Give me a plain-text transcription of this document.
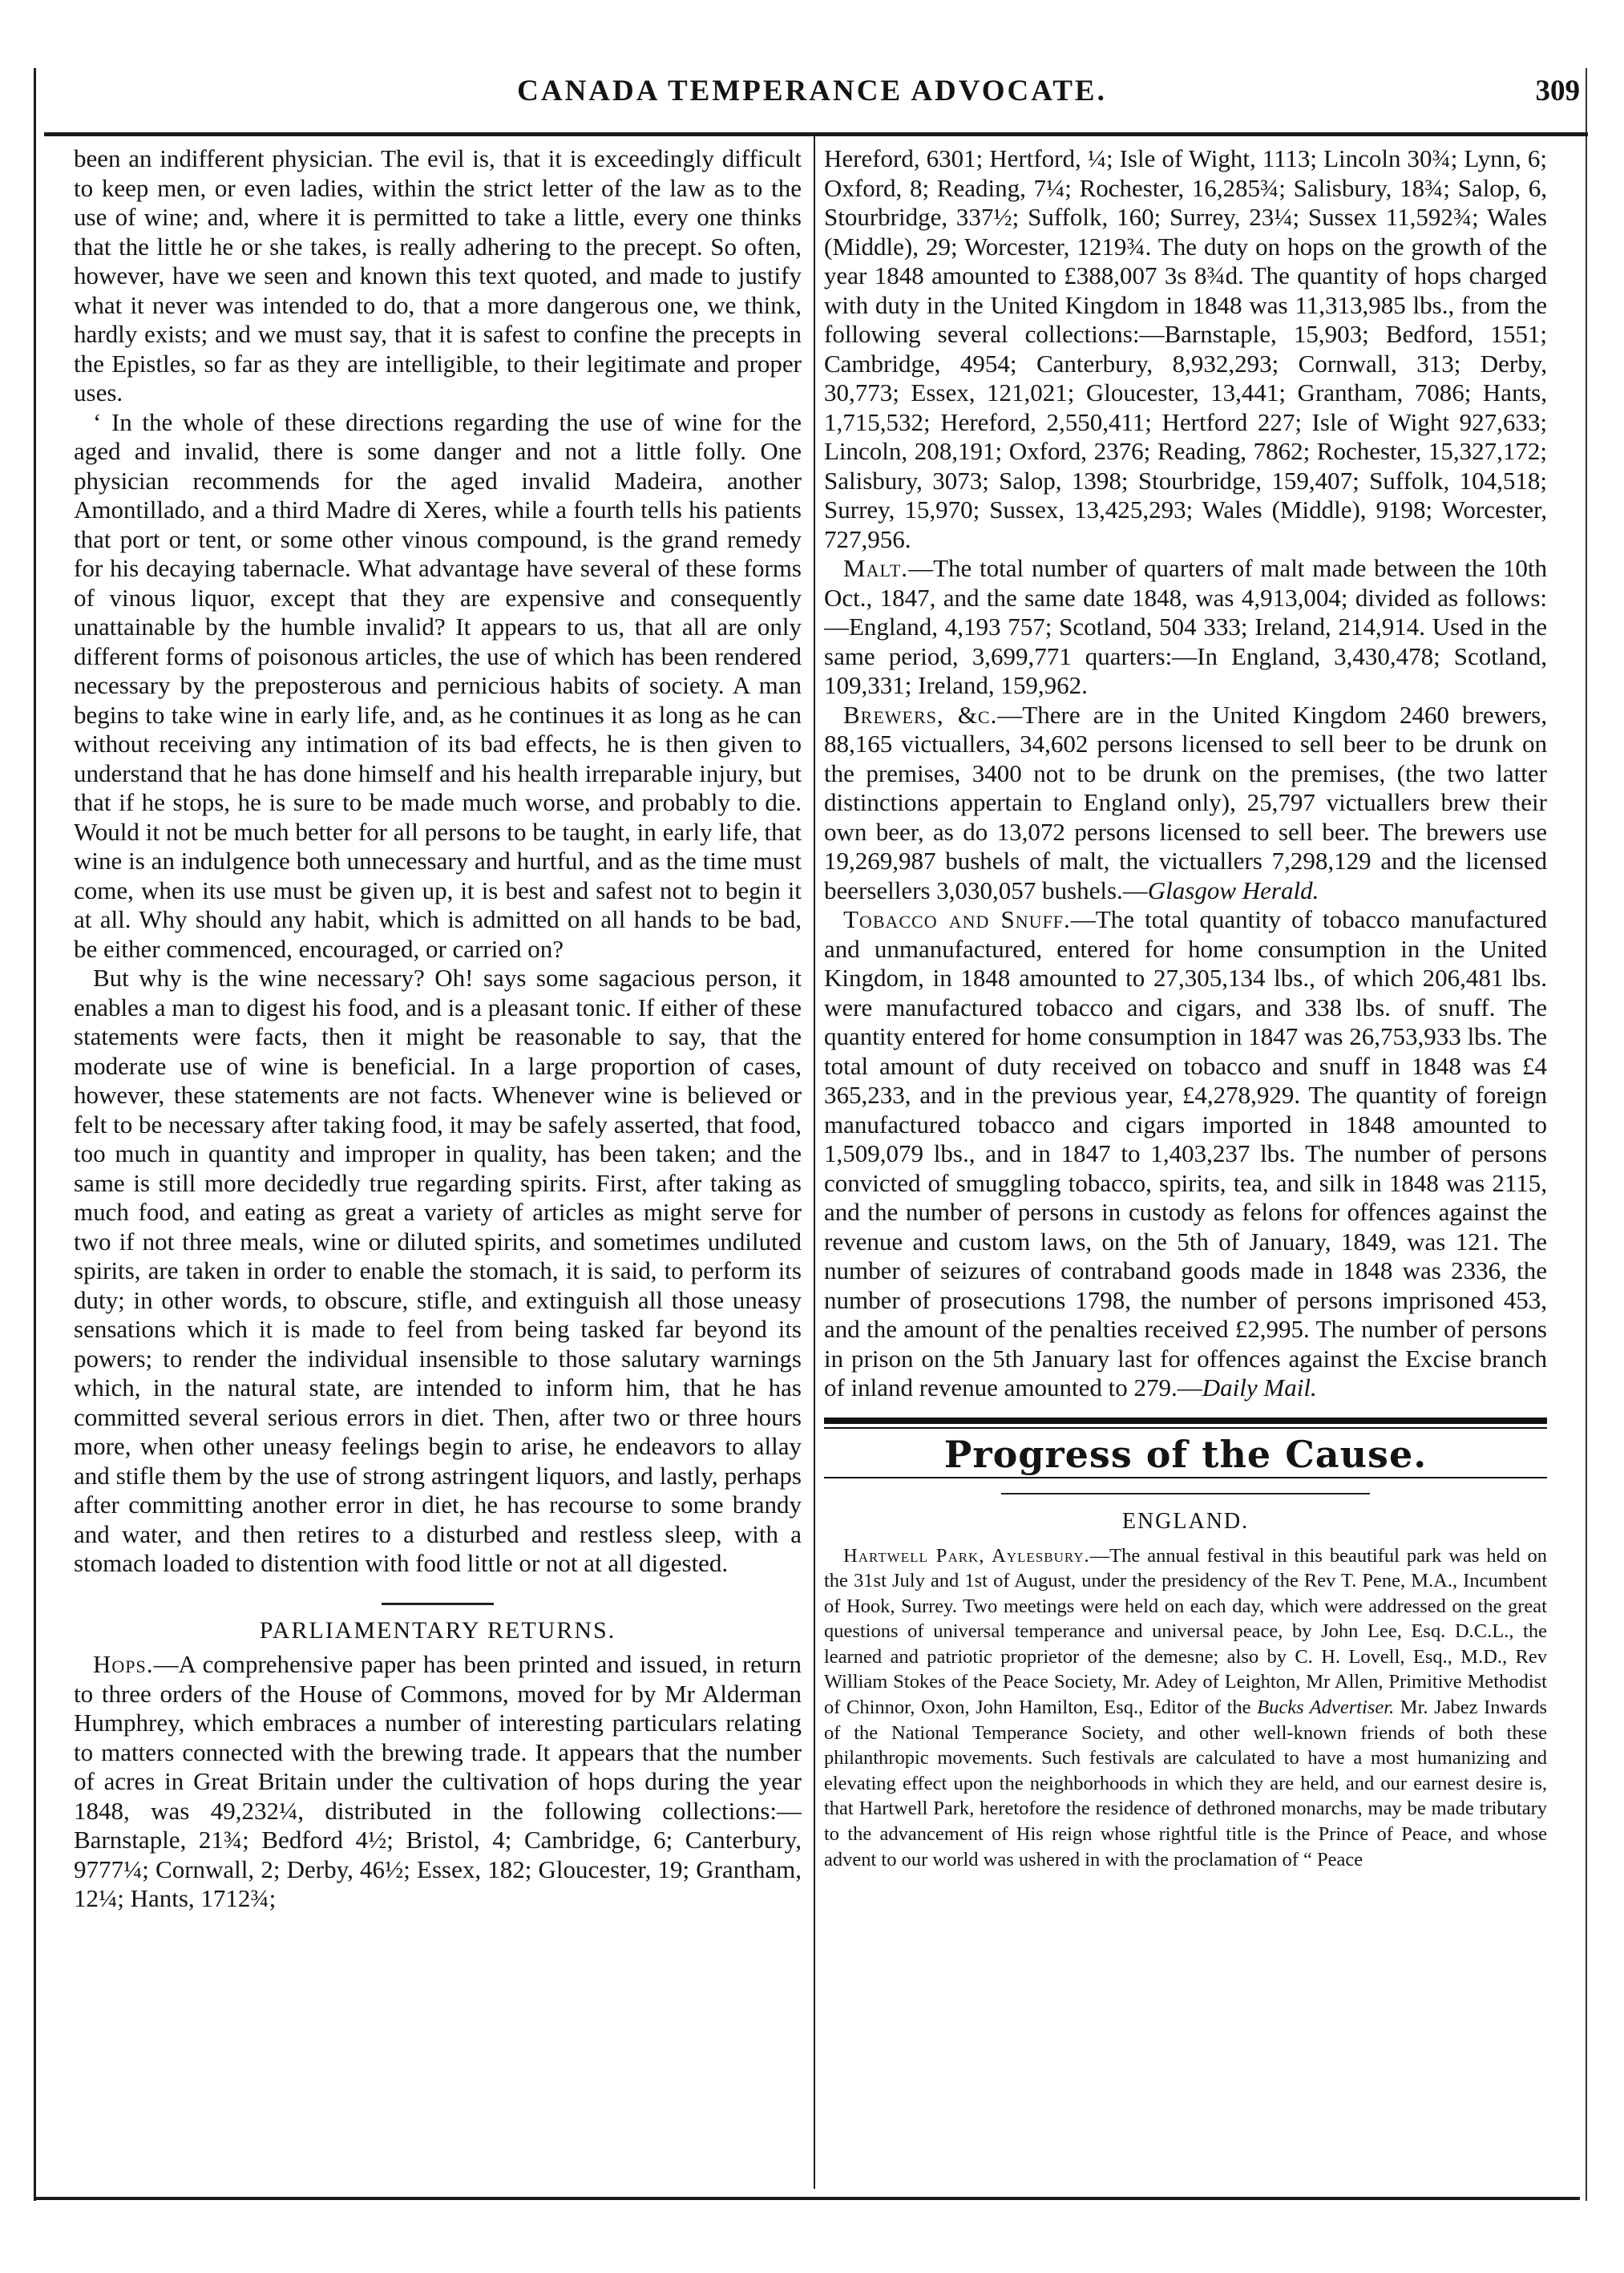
CANADA TEMPERANCE ADVOCATE.	309

been an indifferent physician. The evil is, that it is exceedingly difficult to keep men, or even ladies, within the strict letter of the law as to the use of wine; and, where it is permitted to take a little, every one thinks that the little he or she takes, is really adhering to the precept. So often, however, have we seen and known this text quoted, and made to justify what it never was intended to do, that a more dangerous one, we think, hardly exists; and we must say, that it is safest to confine the precepts in the Epistles, so far as they are intelligible, to their legitimate and proper uses.

‘ In the whole of these directions regarding the use of wine for the aged and invalid, there is some danger and not a little folly. One physician recommends for the aged invalid Madeira, another Amontillado, and a third Madre di Xeres, while a fourth tells his patients that port or tent, or some other vinous compound, is the grand remedy for his decaying tabernacle. What advantage have several of these forms of vinous liquor, except that they are expensive and consequently unattainable by the humble invalid? It appears to us, that all are only different forms of poisonous articles, the use of which has been rendered necessary by the preposterous and pernicious habits of society. A man begins to take wine in early life, and, as he continues it as long as he can without receiving any intimation of its bad effects, he is then given to understand that he has done himself and his health irreparable injury, but that if he stops, he is sure to be made much worse, and probably to die. Would it not be much better for all persons to be taught, in early life, that wine is an indulgence both unnecessary and hurtful, and as the time must come, when its use must be given up, it is best and safest not to begin it at all. Why should any habit, which is admitted on all hands to be bad, be either commenced, encouraged, or carried on?

But why is the wine necessary? Oh! says some sagacious person, it enables a man to digest his food, and is a pleasant tonic. If either of these statements were facts, then it might be reasonable to say, that the moderate use of wine is beneficial. In a large proportion of cases, however, these statements are not facts. Whenever wine is believed or felt to be necessary after taking food, it may be safely asserted, that food, too much in quantity and improper in quality, has been taken; and the same is still more decidedly true regarding spirits. First, after taking as much food, and eating as great a variety of articles as might serve for two if not three meals, wine or diluted spirits, and sometimes undiluted spirits, are taken in order to enable the stomach, it is said, to perform its duty; in other words, to obscure, stifle, and extinguish all those uneasy sensations which it is made to feel from being tasked far beyond its powers; to render the individual insensible to those salutary warnings which, in the natural state, are intended to inform him, that he has committed several serious errors in diet. Then, after two or three hours more, when other uneasy feelings begin to arise, he endeavors to allay and stifle them by the use of strong astringent liquors, and lastly, perhaps after committing another error in diet, he has recourse to some brandy and water, and then retires to a disturbed and restless sleep, with a stomach loaded to distention with food little or not at all digested.

PARLIAMENTARY RETURNS.

Hops.—A comprehensive paper has been printed and issued, in return to three orders of the House of Commons, moved for by Mr Alderman Humphrey, which embraces a number of interesting particulars relating to matters connected with the brewing trade. It appears that the number of acres in Great Britain under the cultivation of hops during the year 1848, was 49,232¼, distributed in the following collections:—Barnstaple, 21¾; Bedford 4½; Bristol, 4; Cambridge, 6; Canterbury, 9777¼; Cornwall, 2; Derby, 46½; Essex, 182; Gloucester, 19; Grantham, 12¼; Hants, 1712¾;

Hereford, 6301; Hertford, ¼; Isle of Wight, 1113; Lincoln 30¾; Lynn, 6; Oxford, 8; Reading, 7¼; Rochester, 16,285¾; Salisbury, 18¾; Salop, 6, Stourbridge, 337½; Suffolk, 160; Surrey, 23¼; Sussex 11,592¾; Wales (Middle), 29; Worcester, 1219¾. The duty on hops on the growth of the year 1848 amounted to £388,007 3s 8¾d. The quantity of hops charged with duty in the United Kingdom in 1848 was 11,313,985 lbs., from the following several collections:—Barnstaple, 15,903; Bedford, 1551; Cambridge, 4954; Canterbury, 8,932,293; Cornwall, 313; Derby, 30,773; Essex, 121,021; Gloucester, 13,441; Grantham, 7086; Hants, 1,715,532; Hereford, 2,550,411; Hertford 227; Isle of Wight 927,633; Lincoln, 208,191; Oxford, 2376; Reading, 7862; Rochester, 15,327,172; Salisbury, 3073; Salop, 1398; Stourbridge, 159,407; Suffolk, 104,518; Surrey, 15,970; Sussex, 13,425,293; Wales (Middle), 9198; Worcester, 727,956.

Malt.—The total number of quarters of malt made between the 10th Oct., 1847, and the same date 1848, was 4,913,004; divided as follows:—England, 4,193 757; Scotland, 504 333; Ireland, 214,914. Used in the same period, 3,699,771 quarters:—In England, 3,430,478; Scotland, 109,331; Ireland, 159,962.

Brewers, &c.—There are in the United Kingdom 2460 brewers, 88,165 victuallers, 34,602 persons licensed to sell beer to be drunk on the premises, 3400 not to be drunk on the premises, (the two latter distinctions appertain to England only), 25,797 victuallers brew their own beer, as do 13,072 persons licensed to sell beer. The brewers use 19,269,987 bushels of malt, the victuallers 7,298,129 and the licensed beersellers 3,030,057 bushels.—Glasgow Herald.

Tobacco and Snuff.—The total quantity of tobacco manufactured and unmanufactured, entered for home consumption in the United Kingdom, in 1848 amounted to 27,305,134 lbs., of which 206,481 lbs. were manufactured tobacco and cigars, and 338 lbs. of snuff. The quantity entered for home consumption in 1847 was 26,753,933 lbs. The total amount of duty received on tobacco and snuff in 1848 was £4 365,233, and in the previous year, £4,278,929. The quantity of foreign manufactured tobacco and cigars imported in 1848 amounted to 1,509,079 lbs., and in 1847 to 1,403,237 lbs. The number of persons convicted of smuggling tobacco, spirits, tea, and silk in 1848 was 2115, and the number of persons in custody as felons for offences against the revenue and custom laws, on the 5th of January, 1849, was 121. The number of seizures of contraband goods made in 1848 was 2336, the number of prosecutions 1798, the number of persons imprisoned 453, and the amount of the penalties received £2,995. The number of persons in prison on the 5th January last for offences against the Excise branch of inland revenue amounted to 279.—Daily Mail.

Progress of the Cause.
ENGLAND.

Hartwell Park, Aylesbury.—The annual festival in this beautiful park was held on the 31st July and 1st of August, under the presidency of the Rev T. Pene, M.A., Incumbent of Hook, Surrey. Two meetings were held on each day, which were addressed on the great questions of universal temperance and universal peace, by John Lee, Esq. D.C.L., the learned and patriotic proprietor of the demesne; also by C. H. Lovell, Esq., M.D., Rev William Stokes of the Peace Society, Mr. Adey of Leighton, Mr Allen, Primitive Methodist of Chinnor, Oxon, John Hamilton, Esq., Editor of the Bucks Advertiser. Mr. Jabez Inwards of the National Temperance Society, and other well-known friends of both these philanthropic movements. Such festivals are calculated to have a most humanizing and elevating effect upon the neighborhoods in which they are held, and our earnest desire is, that Hartwell Park, heretofore the residence of dethroned monarchs, may be made tributary to the advancement of His reign whose rightful title is the Prince of Peace, and whose advent to our world was ushered in with the proclamation of “ Peace
